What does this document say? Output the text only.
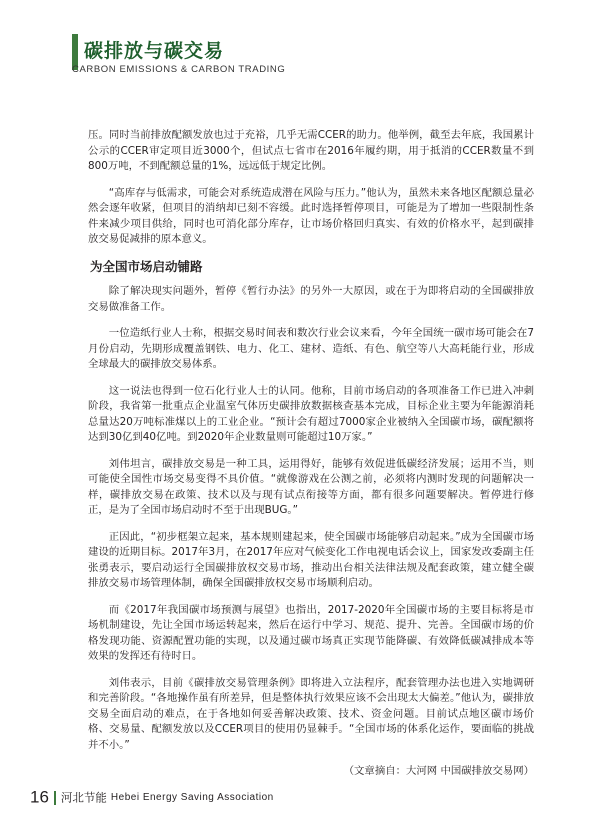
碳排放与碳交易
CARBON EMISSIONS & CARBON TRADING

压。同时当前排放配额发放也过于充裕，几乎无需CCER的助力。他举例，截至去年底，我国累计公示的CCER审定项目近3000个，但试点七省市在2016年履约期，用于抵消的CCER数量不到800万吨，不到配额总量的1%，远远低于规定比例。

“高库存与低需求，可能会对系统造成潜在风险与压力。”他认为，虽然未来各地区配额总量必然会逐年收紧，但项目的消纳却已刻不容缓。此时选择暂停项目，可能是为了增加一些限制性条件来减少项目供给，同时也可消化部分库存，让市场价格回归真实、有效的价格水平，起到碳排放交易促减排的原本意义。

为全国市场启动铺路

除了解决现实问题外，暂停《暂行办法》的另外一大原因，或在于为即将启动的全国碳排放交易做准备工作。

一位造纸行业人士称，根据交易时间表和数次行业会议来看，今年全国统一碳市场可能会在7月份启动，先期形成覆盖钢铁、电力、化工、建材、造纸、有色、航空等八大高耗能行业，形成全球最大的碳排放交易体系。

这一说法也得到一位石化行业人士的认同。他称，目前市场启动的各项准备工作已进入冲刺阶段，我省第一批重点企业温室气体历史碳排放数据核查基本完成，目标企业主要为年能源消耗总量达20万吨标准煤以上的工业企业。“预计会有超过7000家企业被纳入全国碳市场，碳配额将达到30亿到40亿吨。到2020年企业数量则可能超过10万家。”

刘伟坦言，碳排放交易是一种工具，运用得好，能够有效促进低碳经济发展；运用不当，则可能使全国性市场交易变得不具价值。“就像游戏在公测之前，必须将内测时发现的问题解决一样，碳排放交易在政策、技术以及与现有试点衔接等方面，都有很多问题要解决。暂停进行修正，是为了全国市场启动时不至于出现BUG。”

正因此，“初步框架立起来，基本规则建起来，使全国碳市场能够启动起来。”成为全国碳市场建设的近期目标。2017年3月，在2017年应对气候变化工作电视电话会议上，国家发改委副主任张勇表示，要启动运行全国碳排放权交易市场，推动出台相关法律法规及配套政策，建立健全碳排放交易市场管理体制，确保全国碳排放权交易市场顺利启动。

而《2017年我国碳市场预测与展望》也指出，2017-2020年全国碳市场的主要目标将是市场机制建设，先让全国市场运转起来，然后在运行中学习、规范、提升、完善。全国碳市场的价格发现功能、资源配置功能的实现，以及通过碳市场真正实现节能降碳、有效降低碳减排成本等效果的发挥还有待时日。

刘伟表示，目前《碳排放交易管理条例》即将进入立法程序，配套管理办法也进入实地调研和完善阶段。“各地操作虽有所差异，但是整体执行效果应该不会出现太大偏差。”他认为，碳排放交易全面启动的难点，在于各地如何妥善解决政策、技术、资金问题。目前试点地区碳市场价格、交易量、配额发放以及CCER项目的使用仍显棘手。“全国市场的体系化运作，要面临的挑战并不小。”

（文章摘自：大河网 中国碳排放交易网）

16 河北节能 Hebei Energy Saving Association
